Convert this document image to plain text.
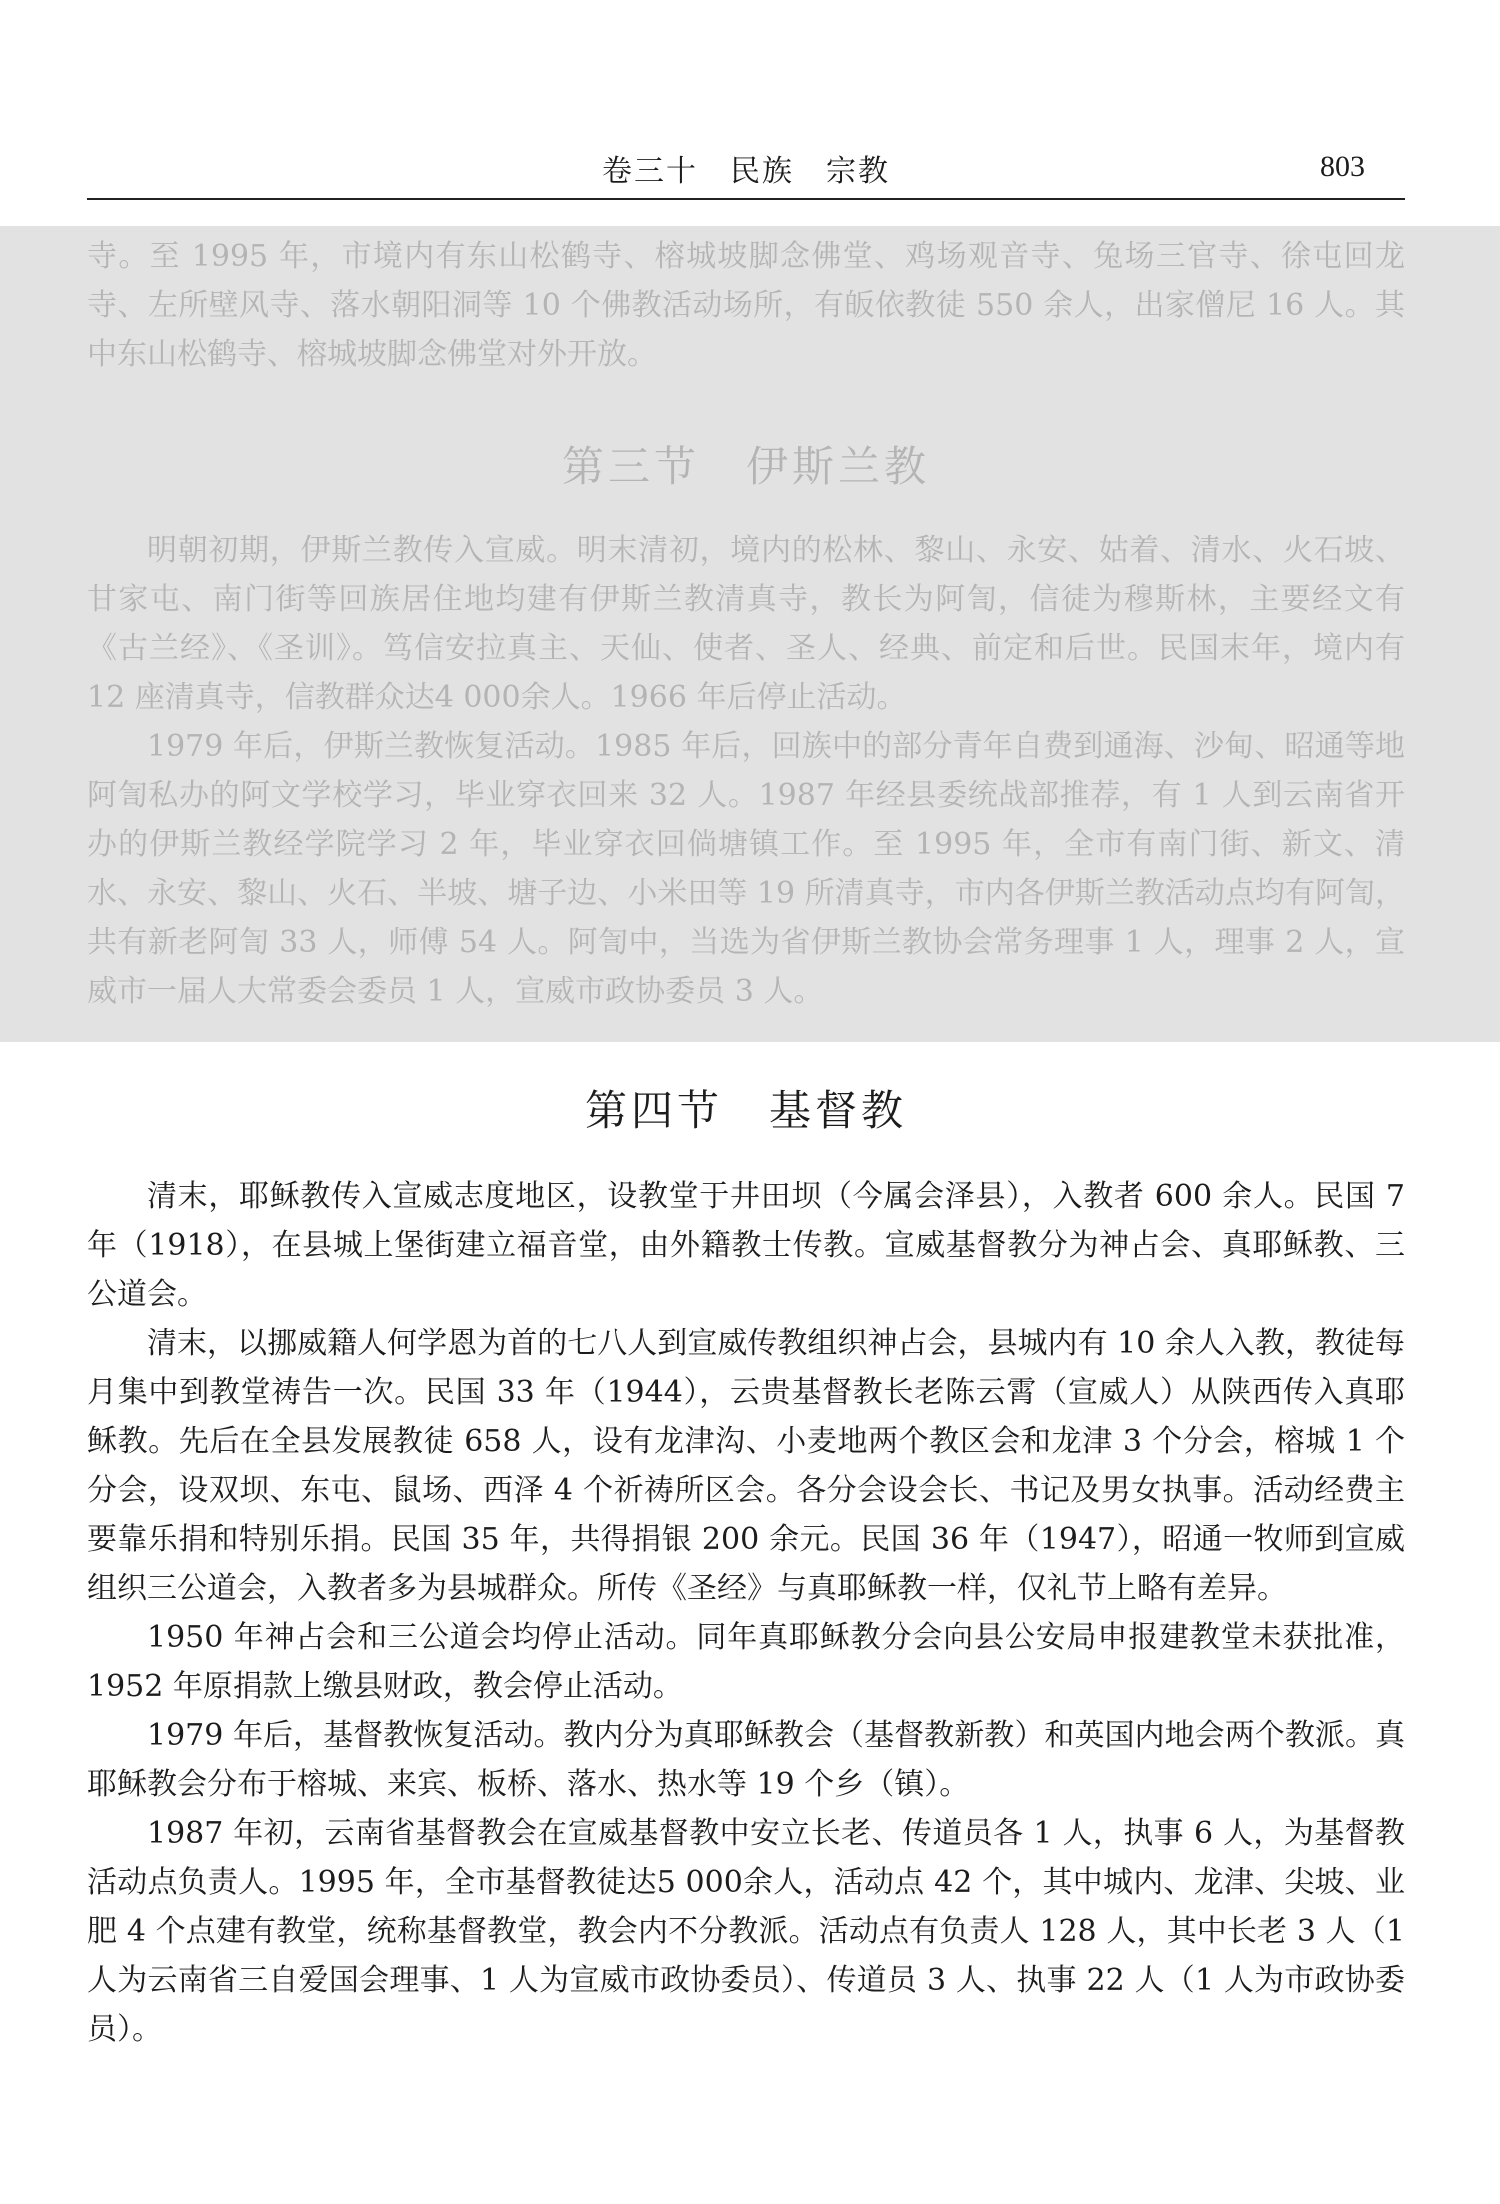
卷三十　民族　宗教	803

寺。至 1995 年，市境内有东山松鹤寺、榕城坡脚念佛堂、鸡场观音寺、兔场三官寺、徐屯回龙寺、左所壁风寺、落水朝阳洞等 10 个佛教活动场所，有皈依教徒 550 余人，出家僧尼 16 人。其中东山松鹤寺、榕城坡脚念佛堂对外开放。

第三节　伊斯兰教

明朝初期，伊斯兰教传入宣威。明末清初，境内的松林、黎山、永安、姑着、清水、火石坡、甘家屯、南门街等回族居住地均建有伊斯兰教清真寺，教长为阿訇，信徒为穆斯林，主要经文有《古兰经》、《圣训》。笃信安拉真主、天仙、使者、圣人、经典、前定和后世。民国末年，境内有 12 座清真寺，信教群众达4 000余人。1966 年后停止活动。

1979 年后，伊斯兰教恢复活动。1985 年后，回族中的部分青年自费到通海、沙甸、昭通等地阿訇私办的阿文学校学习，毕业穿衣回来 32 人。1987 年经县委统战部推荐，有 1 人到云南省开办的伊斯兰教经学院学习 2 年，毕业穿衣回倘塘镇工作。至 1995 年，全市有南门街、新文、清水、永安、黎山、火石、半坡、塘子边、小米田等 19 所清真寺，市内各伊斯兰教活动点均有阿訇，共有新老阿訇 33 人，师傅 54 人。阿訇中，当选为省伊斯兰教协会常务理事 1 人，理事 2 人，宣威市一届人大常委会委员 1 人，宣威市政协委员 3 人。

第四节　基督教

清末，耶稣教传入宣威志度地区，设教堂于井田坝（今属会泽县），入教者 600 余人。民国 7 年（1918），在县城上堡街建立福音堂，由外籍教士传教。宣威基督教分为神占会、真耶稣教、三公道会。

清末，以挪威籍人何学恩为首的七八人到宣威传教组织神占会，县城内有 10 余人入教，教徒每月集中到教堂祷告一次。民国 33 年（1944），云贵基督教长老陈云霄（宣威人）从陕西传入真耶稣教。先后在全县发展教徒 658 人，设有龙津沟、小麦地两个教区会和龙津 3 个分会，榕城 1 个分会，设双坝、东屯、鼠场、西泽 4 个祈祷所区会。各分会设会长、书记及男女执事。活动经费主要靠乐捐和特别乐捐。民国 35 年，共得捐银 200 余元。民国 36 年（1947），昭通一牧师到宣威组织三公道会，入教者多为县城群众。所传《圣经》与真耶稣教一样，仅礼节上略有差异。

1950 年神占会和三公道会均停止活动。同年真耶稣教分会向县公安局申报建教堂未获批准，1952 年原捐款上缴县财政，教会停止活动。

1979 年后，基督教恢复活动。教内分为真耶稣教会（基督教新教）和英国内地会两个教派。真耶稣教会分布于榕城、来宾、板桥、落水、热水等 19 个乡（镇）。

1987 年初，云南省基督教会在宣威基督教中安立长老、传道员各 1 人，执事 6 人，为基督教活动点负责人。1995 年，全市基督教徒达5 000余人，活动点 42 个，其中城内、龙津、尖坡、业肥 4 个点建有教堂，统称基督教堂，教会内不分教派。活动点有负责人 128 人，其中长老 3 人（1 人为云南省三自爱国会理事、1 人为宣威市政协委员）、传道员 3 人、执事 22 人（1 人为市政协委员）。
